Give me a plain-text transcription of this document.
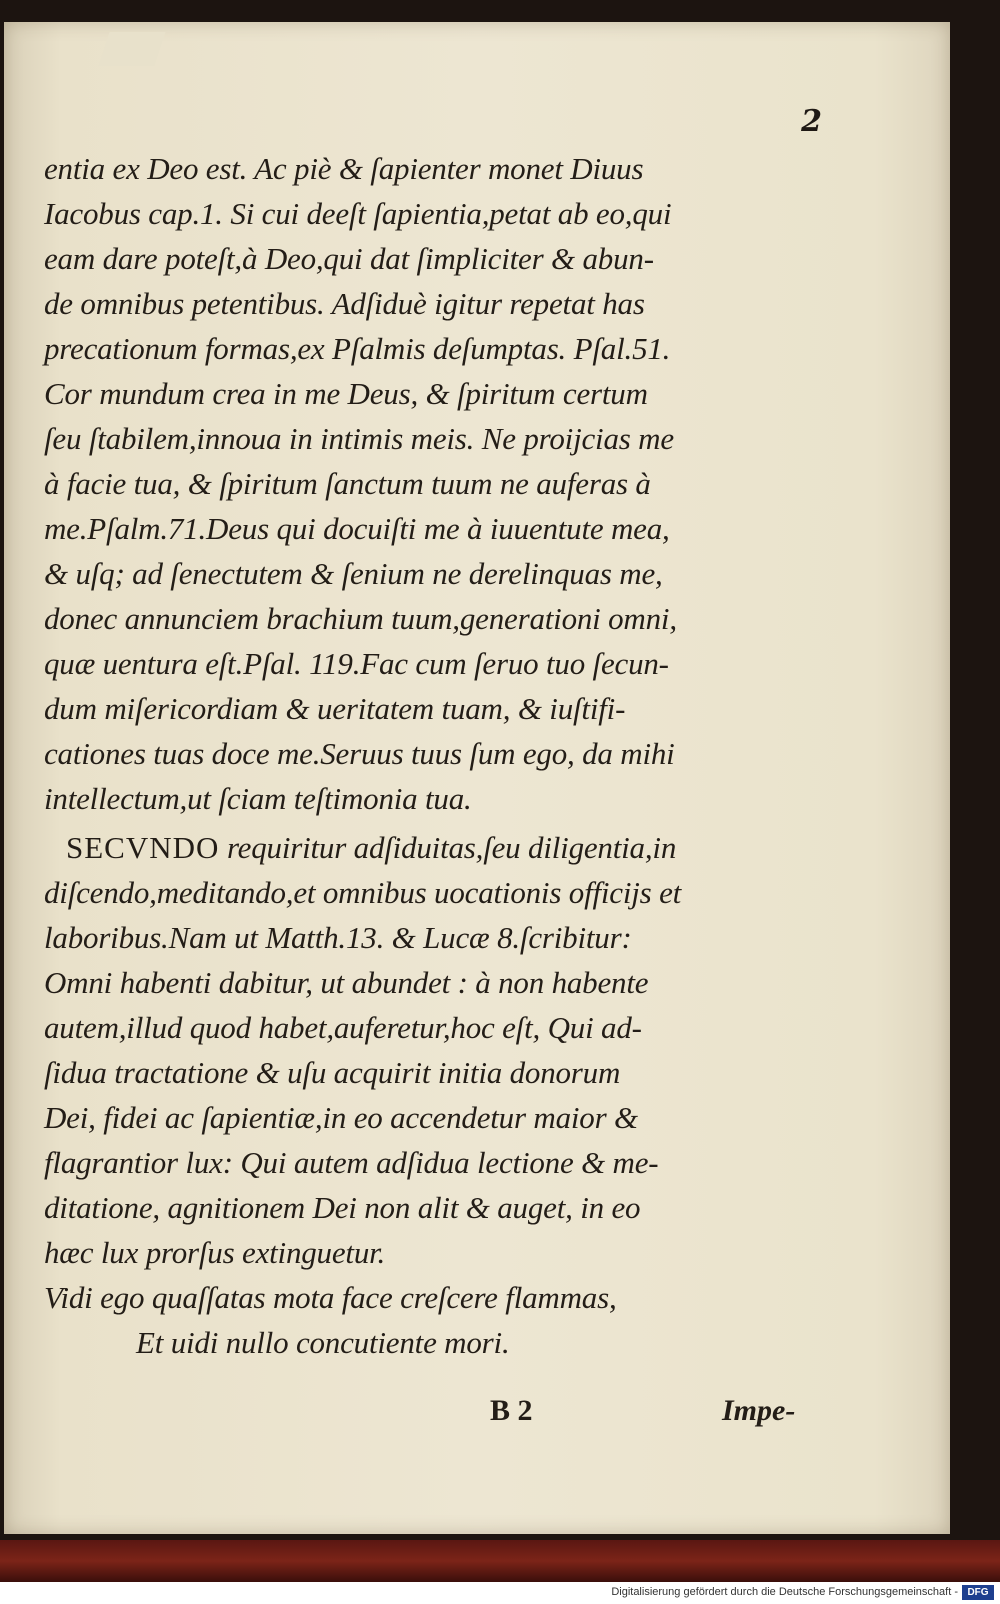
2
entia ex Deo est. Ac piè & ſapienter monet Diuus
Iacobus cap.1. Si cui deeſt ſapientia,petat ab eo,qui
eam dare poteſt,à Deo,qui dat ſimpliciter & abun-
de omnibus petentibus. Adſiduè igitur repetat has
precationum formas,ex Pſalmis deſumptas. Pſal.51.
Cor mundum crea in me Deus, & ſpiritum certum
ſeu ſtabilem,innoua in intimis meis. Ne proijcias me
à facie tua, & ſpiritum ſanctum tuum ne auferas à
me.Pſalm.71.Deus qui docuiſti me à iuuentute mea,
& uſq; ad ſenectutem & ſenium ne derelinquas me,
donec annunciem brachium tuum,generationi omni,
quæ uentura eſt.Pſal. 119.Fac cum ſeruo tuo ſecun-
dum miſericordiam & ueritatem tuam, & iuſtifi-
cationes tuas doce me.Seruus tuus ſum ego, da mihi
intellectum,ut ſciam teſtimonia tua.
SECVNDO requiritur adſiduitas,ſeu diligentia,in
diſcendo,meditando,et omnibus uocationis officijs et
laboribus.Nam ut Matth.13. & Lucæ 8.ſcribitur:
Omni habenti dabitur, ut abundet : à non habente
autem,illud quod habet,auferetur,hoc eſt, Qui ad-
ſidua tractatione & uſu acquirit initia donorum
Dei, fidei ac ſapientiæ,in eo accendetur maior &
flagrantior lux: Qui autem adſidua lectione & me-
ditatione, agnitionem Dei non alit & auget, in eo
hæc lux prorſus extinguetur.
Vidi ego quaſſatas mota face creſcere flammas,
Et uidi nullo concutiente mori.
B 2	Impe-
Digitalisierung gefördert durch die Deutsche Forschungsgemeinschaft - DFG
